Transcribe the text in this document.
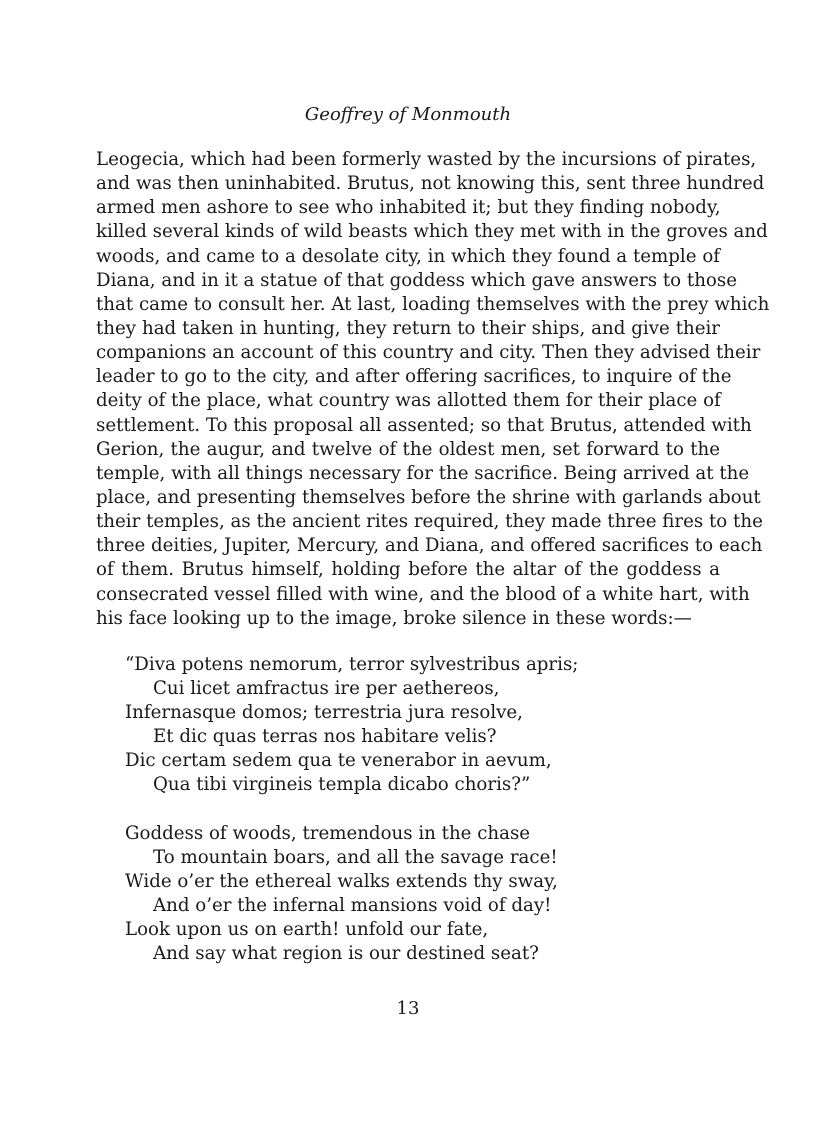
Geoffrey of Monmouth
Leogecia, which had been formerly wasted by the incursions of pirates,
and was then uninhabited. Brutus, not knowing this, sent three hundred
armed men ashore to see who inhabited it; but they finding nobody,
killed several kinds of wild beasts which they met with in the groves and
woods, and came to a desolate city, in which they found a temple of
Diana, and in it a statue of that goddess which gave answers to those
that came to consult her. At last, loading themselves with the prey which
they had taken in hunting, they return to their ships, and give their
companions an account of this country and city. Then they advised their
leader to go to the city, and after offering sacrifices, to inquire of the
deity of the place, what country was allotted them for their place of
settlement. To this proposal all assented; so that Brutus, attended with
Gerion, the augur, and twelve of the oldest men, set forward to the
temple, with all things necessary for the sacrifice. Being arrived at the
place, and presenting themselves before the shrine with garlands about
their temples, as the ancient rites required, they made three fires to the
three deities, Jupiter, Mercury, and Diana, and offered sacrifices to each
of them. Brutus himself, holding before the altar of the goddess a
consecrated vessel filled with wine, and the blood of a white hart, with
his face looking up to the image, broke silence in these words:—
“Diva potens nemorum, terror sylvestribus apris;
Cui licet amfractus ire per aethereos,
Infernasque domos; terrestria jura resolve,
Et dic quas terras nos habitare velis?
Dic certam sedem qua te venerabor in aevum,
Qua tibi virgineis templa dicabo choris?”
Goddess of woods, tremendous in the chase
To mountain boars, and all the savage race!
Wide o’er the ethereal walks extends thy sway,
And o’er the infernal mansions void of day!
Look upon us on earth! unfold our fate,
And say what region is our destined seat?
13
